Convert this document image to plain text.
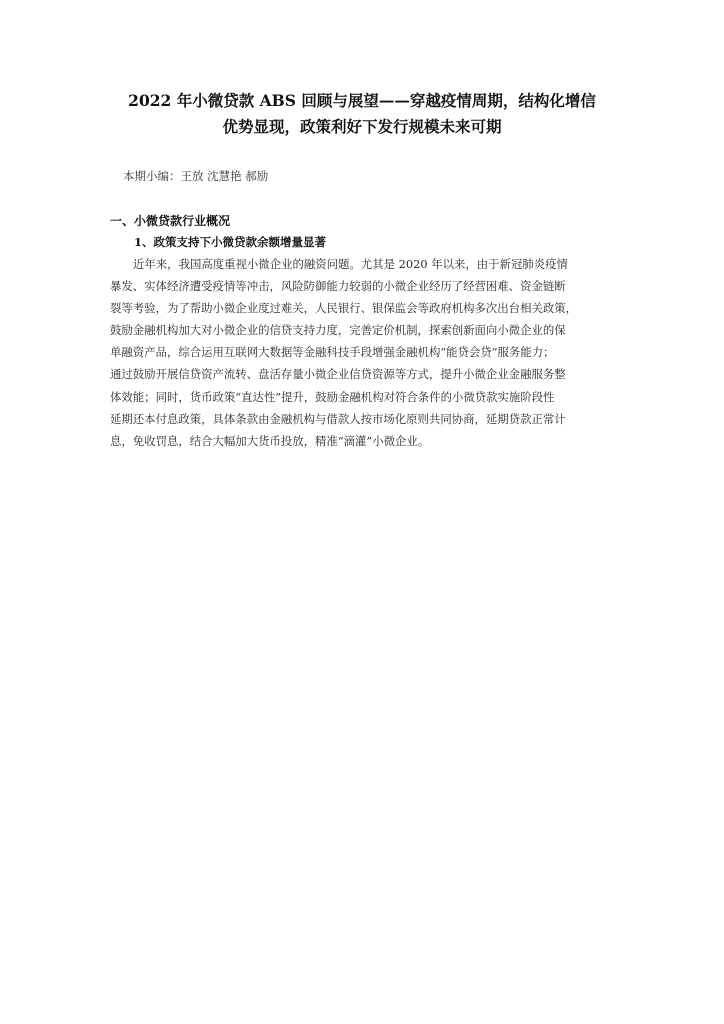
2022 年小微贷款 ABS 回顾与展望——穿越疫情周期，结构化增信
优势显现，政策利好下发行规模未来可期
本期小编：王放 沈慧艳 郝励
一、小微贷款行业概况
1、政策支持下小微贷款余额增量显著
近年来，我国高度重视小微企业的融资问题。尤其是 2020 年以来，由于新冠肺炎疫情
暴发、实体经济遭受疫情等冲击，风险防御能力较弱的小微企业经历了经营困难、资金链断
裂等考验，为了帮助小微企业度过难关，人民银行、银保监会等政府机构多次出台相关政策，
鼓励金融机构加大对小微企业的信贷支持力度，完善定价机制，探索创新面向小微企业的保
单融资产品，综合运用互联网大数据等金融科技手段增强金融机构“能贷会贷”服务能力；
通过鼓励开展信贷资产流转、盘活存量小微企业信贷资源等方式，提升小微企业金融服务整
体效能；同时，货币政策“直达性”提升，鼓励金融机构对符合条件的小微贷款实施阶段性
延期还本付息政策，具体条款由金融机构与借款人按市场化原则共同协商，延期贷款正常计
息，免收罚息，结合大幅加大货币投放，精准“滴灌”小微企业。
